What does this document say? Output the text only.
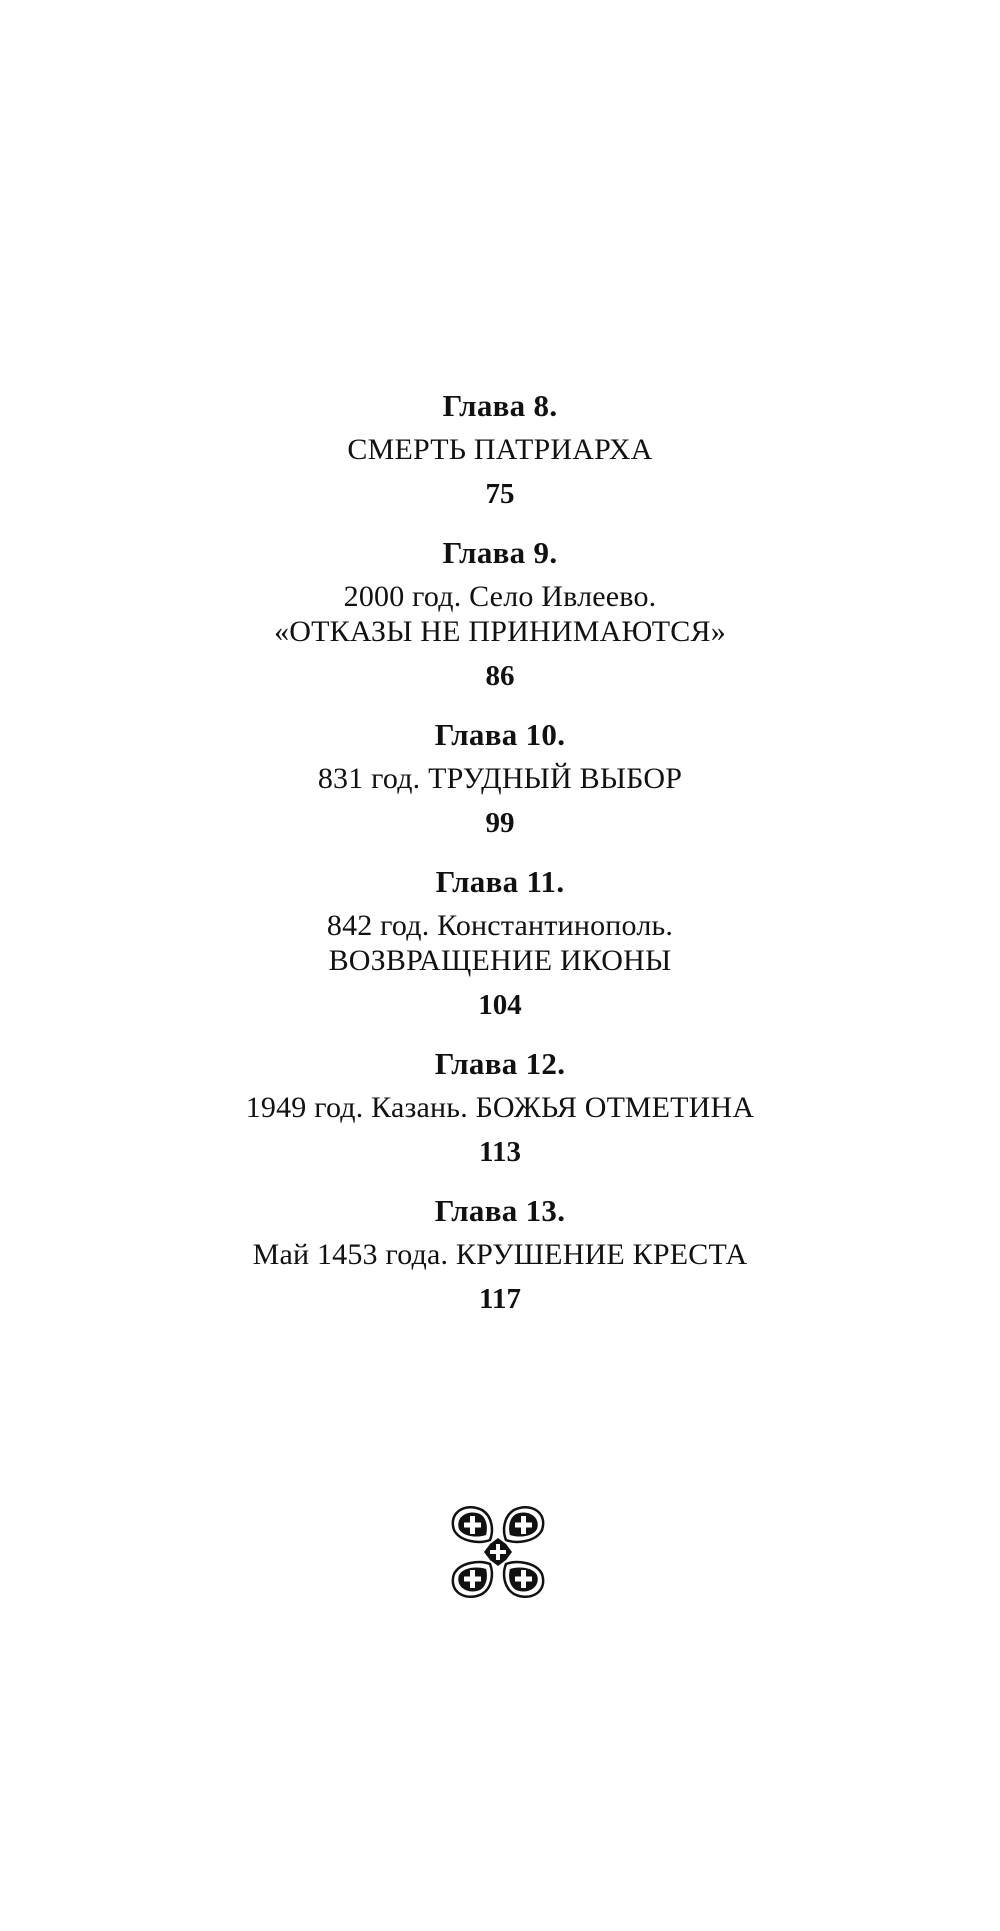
Глава 8.
СМЕРТЬ ПАТРИАРХА
75
Глава 9.
2000 год. Село Ивлеево.
«ОТКАЗЫ НЕ ПРИНИМАЮТСЯ»
86
Глава 10.
831 год. ТРУДНЫЙ ВЫБОР
99
Глава 11.
842 год. Константинополь.
ВОЗВРАЩЕНИЕ ИКОНЫ
104
Глава 12.
1949 год. Казань. БОЖЬЯ ОТМЕТИНА
113
Глава 13.
Май 1453 года. КРУШЕНИЕ КРЕСТА
117
